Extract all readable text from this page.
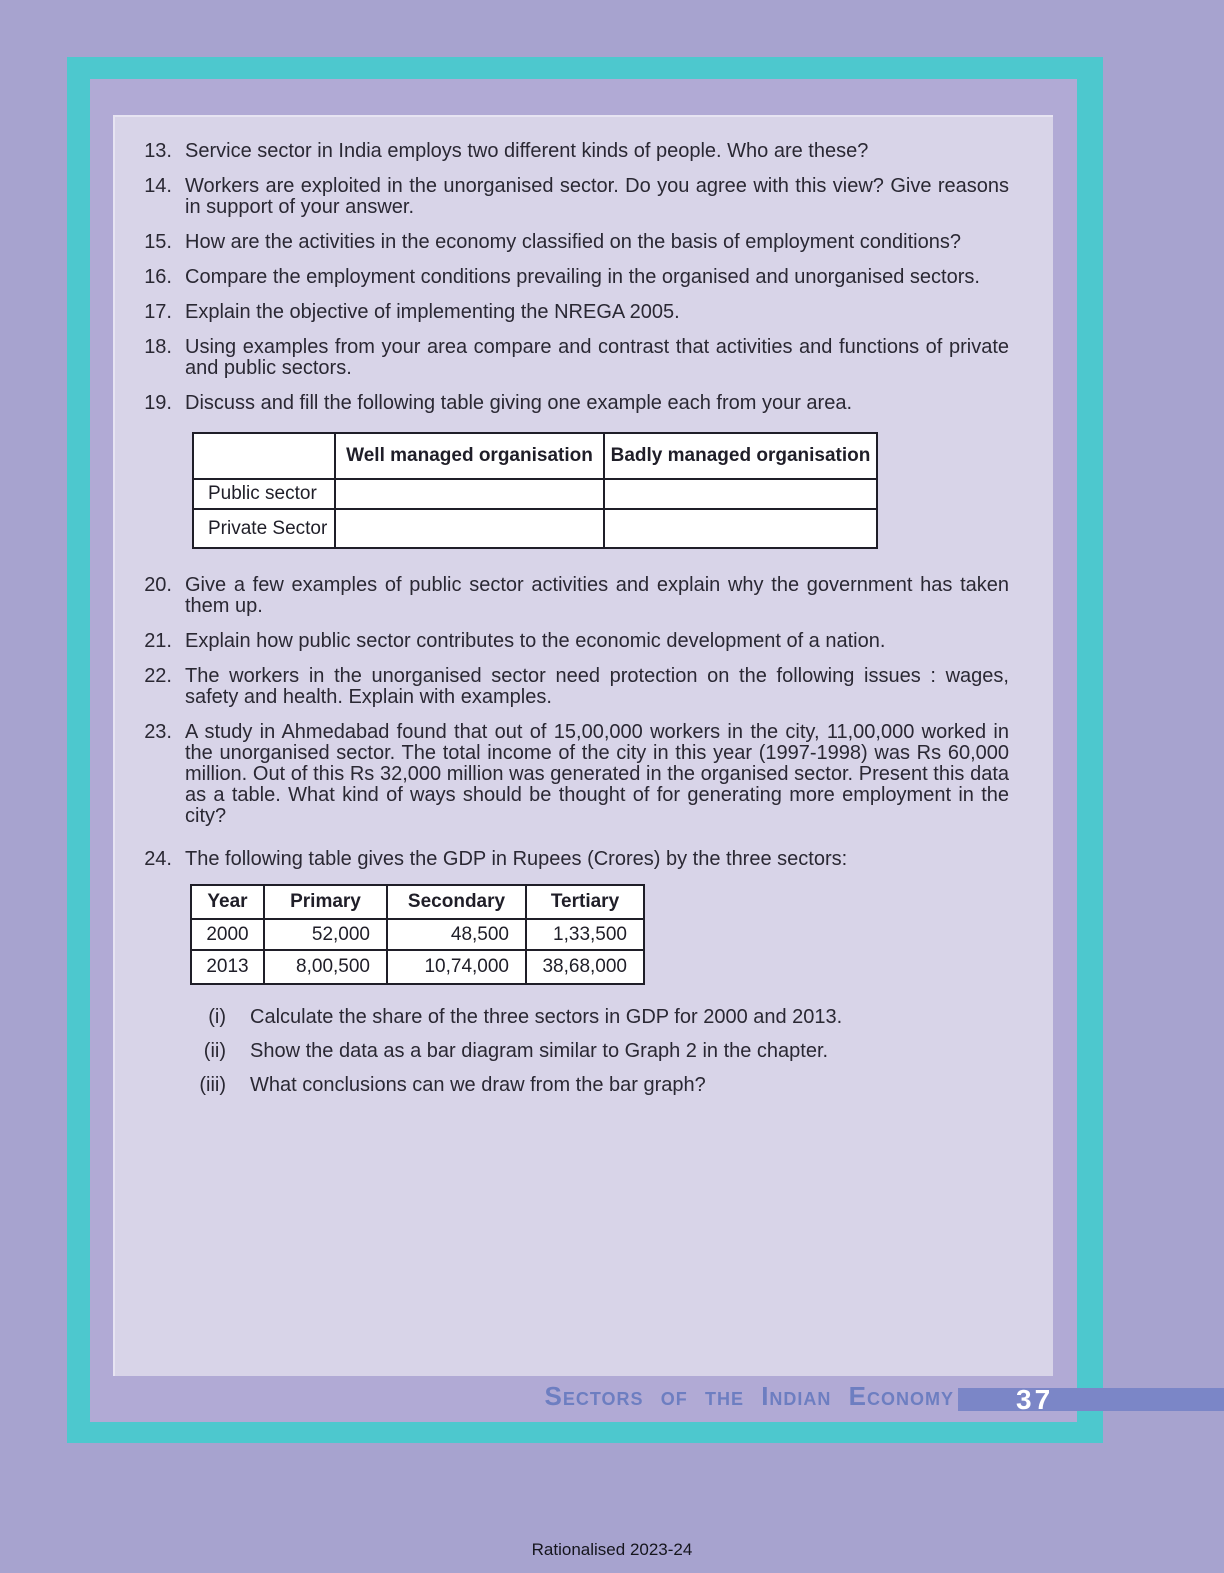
13. Service sector in India employs two different kinds of people. Who are these?
14. Workers are exploited in the unorganised sector. Do you agree with this view? Give reasons in support of your answer.
15. How are the activities in the economy classified on the basis of employment conditions?
16. Compare the employment conditions prevailing in the organised and unorganised sectors.
17. Explain the objective of implementing the NREGA 2005.
18. Using examples from your area compare and contrast that activities and functions of private and public sectors.
19. Discuss and fill the following table giving one example each from your area.
	Well managed organisation	Badly managed organisation
Public sector		
Private Sector		
20. Give a few examples of public sector activities and explain why the government has taken them up.
21. Explain how public sector contributes to the economic development of a nation.
22. The workers in the unorganised sector need protection on the following issues : wages, safety and health. Explain with examples.
23. A study in Ahmedabad found that out of 15,00,000 workers in the city, 11,00,000 worked in the unorganised sector. The total income of the city in this year (1997-1998) was Rs 60,000 million. Out of this Rs 32,000 million was generated in the organised sector. Present this data as a table. What kind of ways should be thought of for generating more employment in the city?
24. The following table gives the GDP in Rupees (Crores) by the three sectors:
Year	Primary	Secondary	Tertiary
2000	52,000	48,500	1,33,500
2013	8,00,500	10,74,000	38,68,000
(i) Calculate the share of the three sectors in GDP for 2000 and 2013.
(ii) Show the data as a bar diagram similar to Graph 2 in the chapter.
(iii) What conclusions can we draw from the bar graph?
Sectors of the Indian Economy 37
Rationalised 2023-24
